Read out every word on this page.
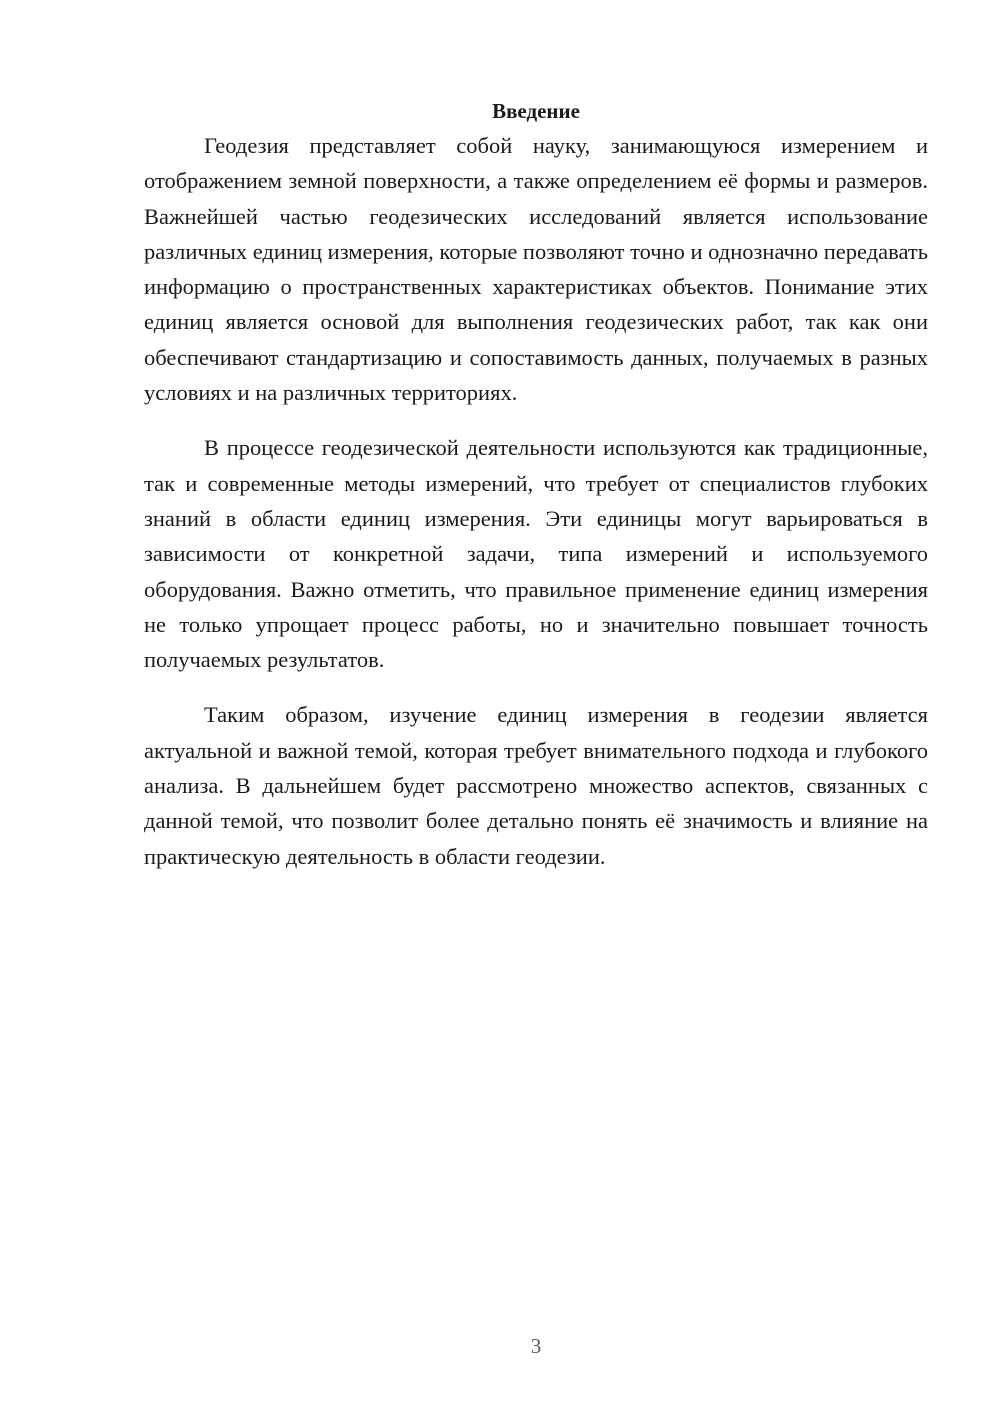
Введение

Геодезия представляет собой науку, занимающуюся измерением и отображением земной поверхности, а также определением её формы и размеров. Важнейшей частью геодезических исследований является использование различных единиц измерения, которые позволяют точно и однозначно передавать информацию о пространственных характеристиках объектов. Понимание этих единиц является основой для выполнения геодезических работ, так как они обеспечивают стандартизацию и сопоставимость данных, получаемых в разных условиях и на различных территориях.

В процессе геодезической деятельности используются как традиционные, так и современные методы измерений, что требует от специалистов глубоких знаний в области единиц измерения. Эти единицы могут варьироваться в зависимости от конкретной задачи, типа измерений и используемого оборудования. Важно отметить, что правильное применение единиц измерения не только упрощает процесс работы, но и значительно повышает точность получаемых результатов.

Таким образом, изучение единиц измерения в геодезии является актуальной и важной темой, которая требует внимательного подхода и глубокого анализа. В дальнейшем будет рассмотрено множество аспектов, связанных с данной темой, что позволит более детально понять её значимость и влияние на практическую деятельность в области геодезии.

3
